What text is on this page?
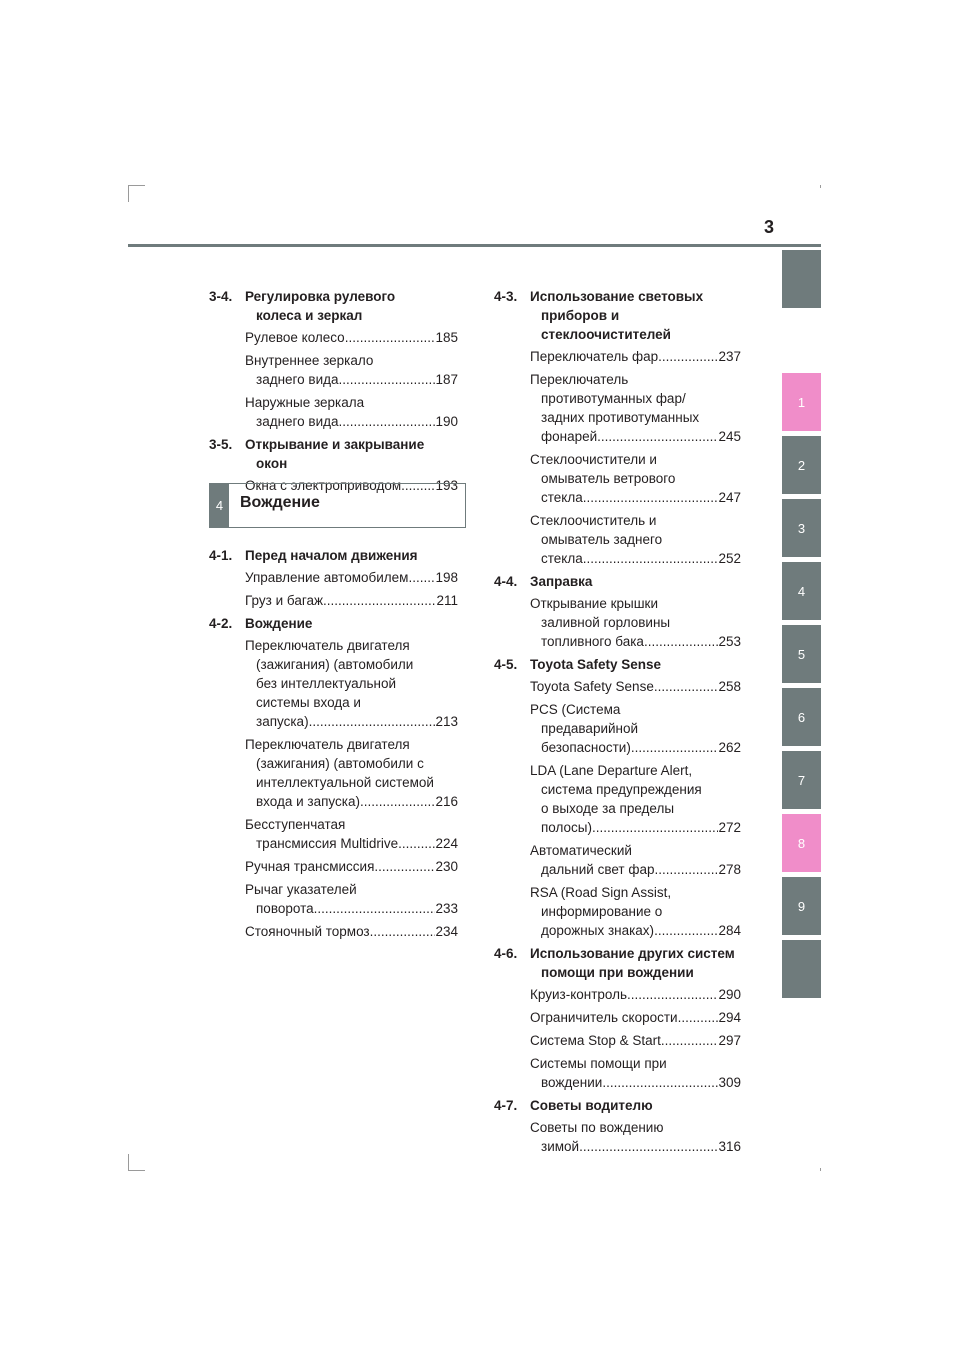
3
1
2
3
4
5
6
7
8
9
3-4. Регулировка рулевого
колеса и зеркал
Рулевое колесо .....	185
Внутреннее зеркало
заднего вида .....	187
Наружные зеркала
заднего вида .....	190
3-5. Открывание и закрывание
окон
Окна с электроприводом .....	193
4	Вождение
4-1. Перед началом движения
Управление автомобилем ..... 198
Груз и багаж .....	211
4-2. Вождение
Переключатель двигателя
(зажигания) (автомобили
без интеллектуальной
системы входа и
запуска) .....	213
Переключатель двигателя
(зажигания) (автомобили с
интеллектуальной системой
входа и запуска) .....	216
Бесступенчатая
трансмиссия Multidrive .....	224
Ручная трансмиссия .....	230
Рычаг указателей
поворота .....	233
Стояночный тормоз .....	234
4-3. Использование световых
приборов и
стеклоочистителей
Переключатель фар .....	237
Переключатель
противотуманных фар/
задних противотуманных
фонарей .....	245
Стеклоочистители и
омыватель ветрового
стекла .....	247
Стеклоочиститель и
омыватель заднего
стекла .....	252
4-4. Заправка
Открывание крышки
заливной горловины
топливного бака .....	253
4-5. Toyota Safety Sense
Toyota Safety Sense .....	258
PCS (Система
предаварийной
безопасности) .....	262
LDA (Lane Departure Alert,
система предупреждения
о выходе за пределы
полосы) .....	272
Автоматический
дальний свет фар .....	278
RSA (Road Sign Assist,
информирование о
дорожных знаках) .....	284
4-6. Использование других систем
помощи при вождении
Круиз-контроль .....	290
Ограничитель скорости .....	294
Система Stop & Start .....	297
Системы помощи при
вождении .....	309
4-7. Советы водителю
Советы по вождению
зимой .....	316
